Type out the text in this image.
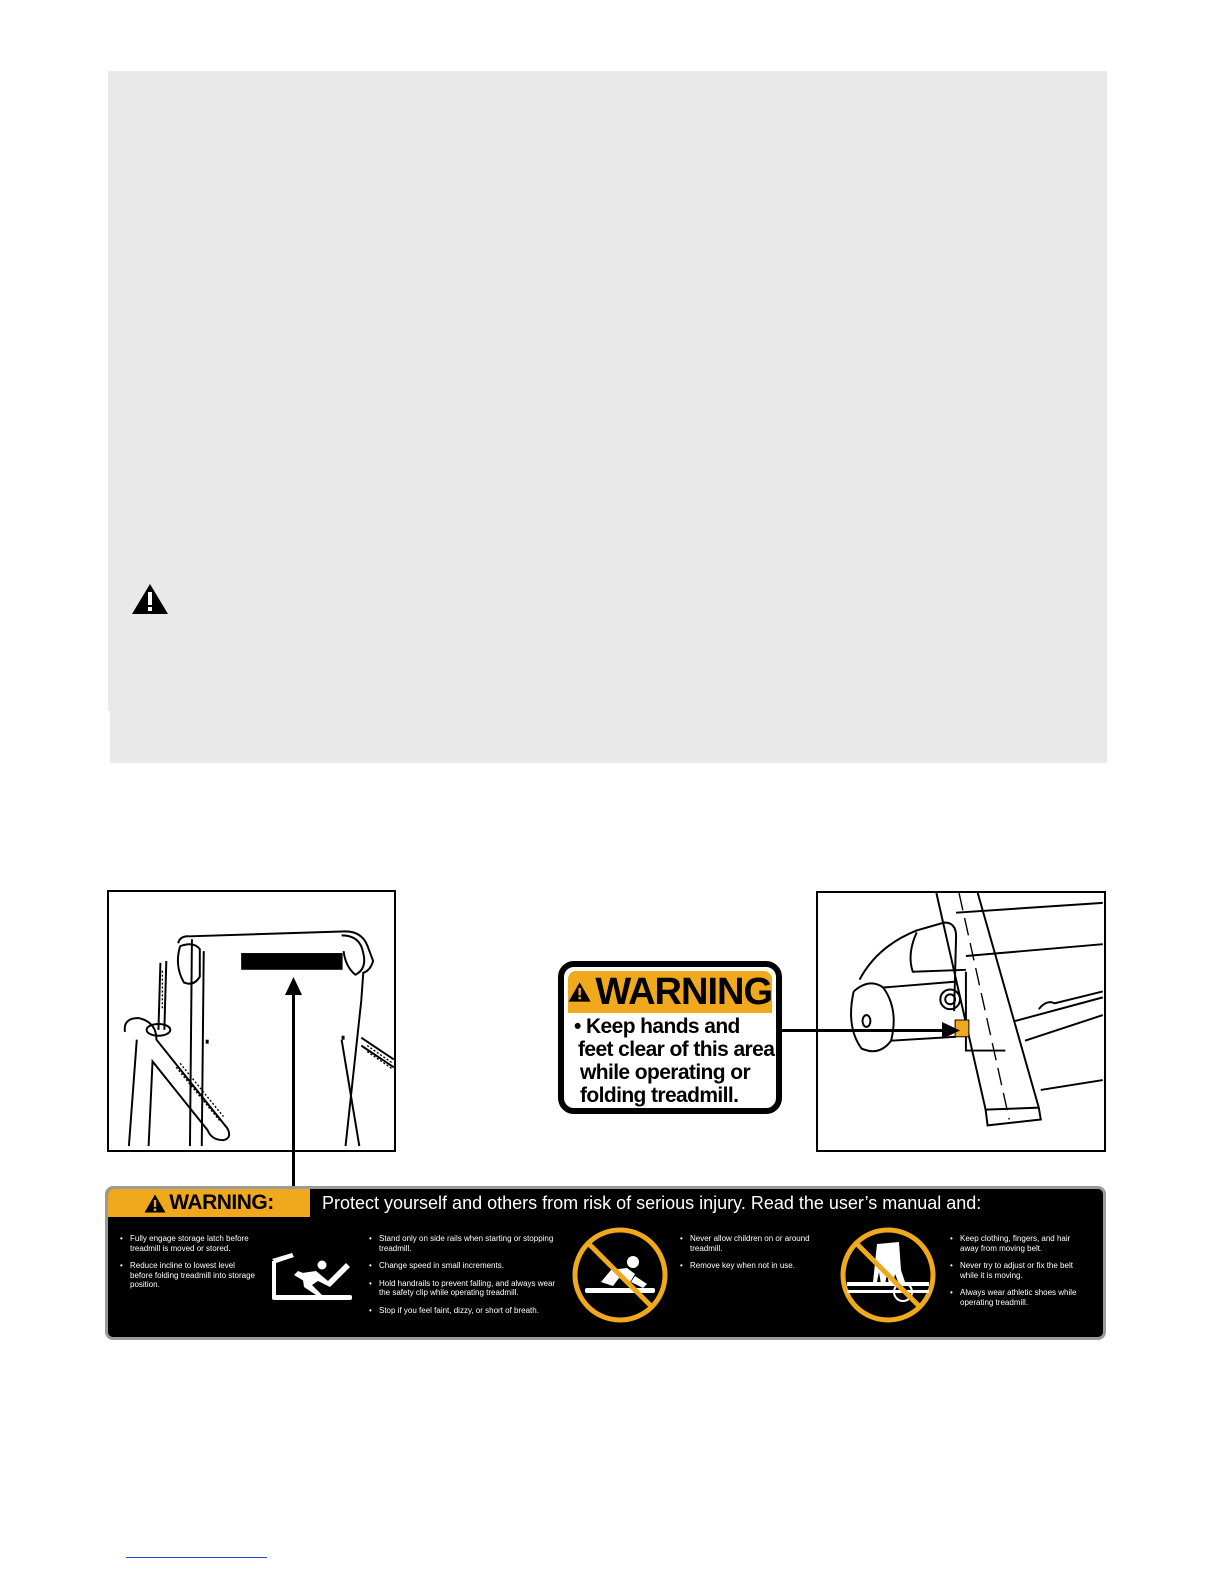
WARNING
• Keep hands and
feet clear of this area
while operating or
folding treadmill.
WARNING:	Protect yourself and others from risk of serious injury. Read the user’s manual and:
• Fully engage storage latch before treadmill is moved or stored.
• Reduce incline to lowest level before folding treadmill into storage position.
• Stand only on side rails when starting or stopping treadmill.
• Change speed in small increments.
• Hold handrails to prevent falling, and always wear the safety clip while operating treadmill.
• Stop if you feel faint, dizzy, or short of breath.
• Never allow children on or around treadmill.
• Remove key when not in use.
• Keep clothing, fingers, and hair away from moving belt.
• Never try to adjust or fix the belt while it is moving.
• Always wear athletic shoes while operating treadmill.
